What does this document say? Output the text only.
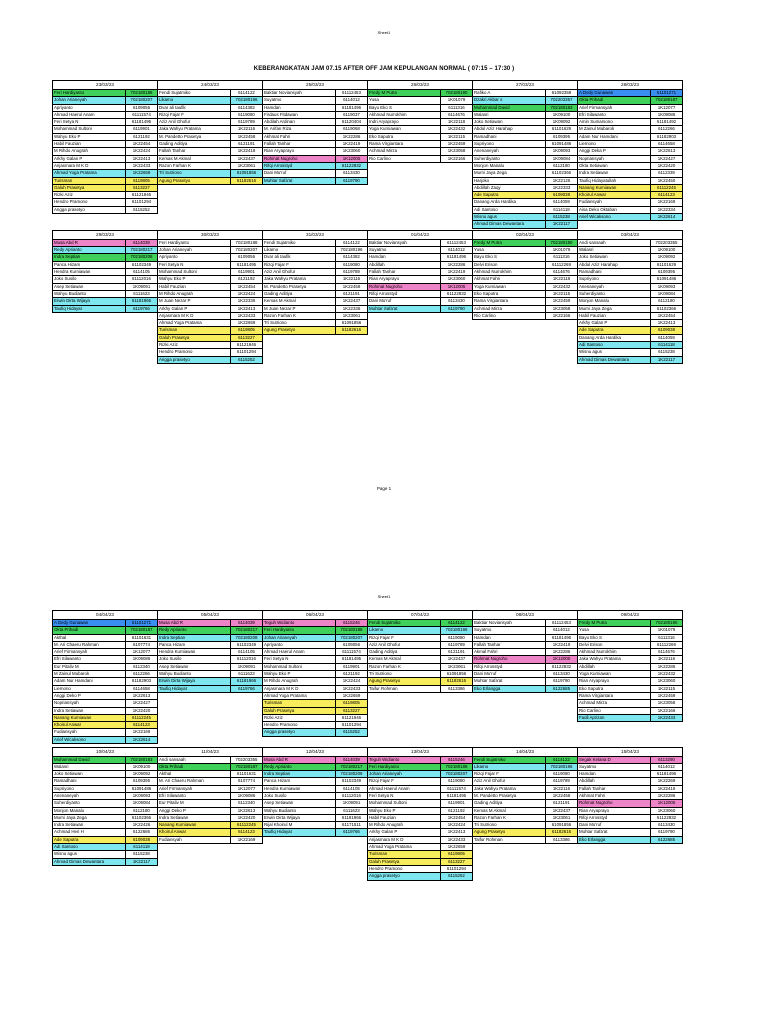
Sheet1
KEBERANGKATAN JAM 07.15 AFTER OFF JAM KEPULANGAN NORMAL ( 07:15 – 17:30 )
Page 1
23/03/23
Feri Hardiyanto	702180188
Johan Arianeyah	702180207
Apriyanto	6109056
Ahmad Haerul Anam	61111574
Feri Setya N	61181495
Mohammad Sultoni	6119901
Wahyu Eko P	6121192
Habil Fauzian	1K22454
M Rihdo Anugrah	1K22424
Arkhy Galan P	1K22413
Anjasmara M K D	1K22433
Ahmad Yoga Pratama	1K22659
Turisman	6119805
Galuh Prasetya	6113227
Rizki Aziz	61121946
Hendro Pramono	61101294
Angga prasetyo	6115252
24/03/23
Fendi Sujatmiko	6114122
Likamo	702180196
Dvar ali taufik	6114382
Rizqi Fajar F	6119080
Aziz Anil Ghofur	6119789
Jaka Wahyu Pratama	1K22116
M. Pandetto Prasetya	1K22458
Gading Aditiya	6121191
Fallah Tanhar	1K22418
Kemas M Akmal	1K22437
Razon Farhan K	1K23061
Tri Sutriono	61091856
Agung Prasetyo	61182616
25/03/23
Baktiar Noviansyah	61112453
Suyatmo	6114012
Hamdan	61181496
Firdaus Fitdawan	6119037
Abdilah Ardinan	61120404
M. Arifan Riza	6119068
Akhmat Fahri	1K22286
Fallah Tanhar	1K22419
Rian Aryaprayo	1K23060
Rohmat Nugroho	1K12005
Rifqi Arrosstyd	61122832
Dani Mu'ruf	6113430
Muhtar Safa'at	6119790
26/03/23
Fredy M Putra	702180190
Yusa	1K01079
Bayu Eko S	6111316
Akhmad Nurrokhim	6114676
Indri Aryaprayo	1K22118
Yoga Kurniawan	1K22432
Eko Saputra	1K22115
Rama Virgiantara	1K22459
Achmad Mirza	1K23058
Rio Carlino	1K22166
27/03/23
Rafiko A	61092359
Dzakri Akbar s	702203357
Muhammad David	702180183
Walasri	1K09100
Joko Setiawan	1K09092
Abdul Aziz Harahap	61101629
Ramadhani	6109395
Supriyono	61091486
Anenaneyah	1K09093
Suherdiyanto	1K09084
Monjon Manalu	6112180
Murni Jaya Zega	61102366
Harjoko	1K22126
Abdillah Zaqy	1K22333
Ade Saputra	6109038
Danang Arda Hardika	6114059
Adi Santoso	6114118
Wisnu agus	6115238
Ahmad Dimas Dewantara	1K22117
28/03/23
A Dedy Gunawan	61101271
Okta Prihadi	702180187
Arief Firmansyah	1K12077
Efri Silawanto	1K09086
Amin Sumarsono	61181492
M Zainul Mubarok	6112266
Adam Nur Hamdani	61182903
Liemono	6114658
Anggi Deka P	1K22613
Nopriansyah	1K22427
Okta Setiawan	1K22420
Indra Setiawan	6112339
Taufiq Hidayatullah	1K22450
Nanang Kurniawan	61112245
Khoirul Anwar	6114123
Fudiansyah	1K22169
Aisa Deko Oktaban	1K22334
Arief Wicaksono	1K22614
29/03/23
Musa Abd R	6114039
Redy Aprianto	702180217
Indra Septian	702180208
Panca Hizam	61102349
Hendra Kurniawan	6114105
Joko Susilo	61112016
Asep Setiawan	1K09091
Wahyu Budianto	6111623
Erwin Dirta Wijaya	61181966
Taufiq Hidayat	6119766
30/03/23
Feri Hardiyanto	702180188
Johan Arianeyah	702180207
Apriyanto	6109056
Feri Setya N	61181495
Mohammad Sultoni	6119901
Wahyu Eko P	6121192
Habil Fauzian	1K22454
M Rihdo Anugrah	1K22424
M Juan Nezar P	1K22336
Arkhy Galan P	1K22413
Anjasmara M K D	1K22433
Ahmad Yoga Pratama	1K22659
Turisman	6119805
Galuh Prasetya	6113227
Rizki Aziz	61121946
Hendro Pramono	61101294
Angga prasetyo	6115252
31/03/23
Fendi Sujatmiko	6114122
Likamo	702180196
Dvar ali taufik	6114382
Rizqi Fajar F	6119080
Aziz Anil Ghofur	6119789
Jaka Wahyu Pratama	1K22116
M. Pandetto Prasetya	1K22458
Gading Aditiya	6121191
Kemas M Akmal	1K22437
M Juan Nezar P	1K22336
Razon Farhan K	1K23061
Tri Sutriono	61091856
Agung Prasetyo	61182616
01/04/23
Baktiar Noviansyah	61112453
Suyatmo	6114012
Hamdan	61181496
Abdillah	1K22286
Fallah Tanhar	1K22419
Rian Aryaprayo	1K23060
Rohmat Nugroho	1K12005
Rifqi Arrosstyd	61122832
Dani Mu'ruf	6113430
Muhtar Safa'at	6119790
02/04/23
Fredy M Putra	702180190
Yusa	1K01079
Bayu Eko S	6111316
Delvi Erison	61112269
Akhmad Nurrokhim	6114676
Akhmat Fahri	1K22118
Yoga Kurniawan	1K22432
Eko Saputra	1K22115
Rama Virgiantara	1K22459
Achmad Mirza	1K23058
Rio Carlino	1K22166
03/04/23
Andi sansaah	702203355
Walasri	1K09100
Joko Setiawan	1K09092
Abdul Aziz Harahap	61101629
Ramadhani	6109395
Supriyono	61091486
Anenaneyah	1K09093
Suherdiyanto	1K09084
Monjon Manalu	6112180
Murni Jaya Zega	61102366
Habil Fauzian	1K22454
Arkhy Galan P	1K22413
Ade Saputra	6109038
Danang Arda Hardika	6114059
Adi Santoso	6114118
Wisnu agus	6115238
Ahmad Dimas Dewantara	1K22117
Sheet1
04/04/23
A Dedy Gunawan	61101271
Okta Prihadi	702180187
Akthal	61101631
M. Ari Chaeru Rahman	6107774
Arief Firmansyah	1K12077
Efri Silawanto	1K09086
Eur Pitaliv M	6112340
M Zainul Mubarok	6112266
Adam Nur Hamdani	61182903
Liemono	6114658
Anggi Deko P	1K22613
Nopriansyah	1K22427
Indra Setiawan	1K22420
Nanang Kurniawan	61112245
Khoirul Anwar	6114123
Fudiansyah	1K22169
Arief Wicaksono	1K22614
05/04/23
Musa Abd R	6114039
Redy Aprianto	702180217
Indra Septian	702180208
Panca Hizam	61102349
Hendra Kurniawan	6114105
Joko Susilo	61112016
Asep Setiawan	1K09091
Wahyu Budianto	6111623
Erwin Dirta Wijaya	61181966
Taufiq Hidayat	6119766
06/04/23
Teguh Widianto	6115246
Feri Hardiyanto	702180188
Johan Arianeyah	702180207
Apriyanto	6109056
Ahmad Haerul Anam	61111574
Feri Setya N	61181495
Mohammad Sultoni	6119901
Wahyu Eko P	6121192
M Rihdo Anugrah	1K22424
Anjasmara M K D	1K22433
Ahmad Yoga Pratama	1K22659
Turisman	6119805
Galuh Prasetya	6113227
Rizki Aziz	61121946
Hendro Pramono	61101294
Angga prasetyo	6115252
07/04/23
Fendi Sujatmiko	6114122
Likamo	702180196
Rizqi Fajar F	6119080
Aziz Anil Ghofur	6119789
Gading Aditiya	6121191
Kemas M Akmal	1K22437
Razon Farhan K	1K23061
Tri Sutriono	61091856
Agung Prasetyo	61182616
Taifur Rohman	6113386
08/04/23
Baktiar Noviansyah	61112453
Suyatmo	6114012
Hamdan	61181496
Fallah Tanhar	1K22419
Akmal Fahri	1K22286
Rohmat Nugroho	1K12005
Rifqi Arrosstyd	61122832
Dani Mu'ruf	6113430
Muhtar Safa'at	6119790
Eko Erlangga	6122685
09/04/23
Fredy M Putra	702180190
Yusa	1K01079
Bayu Eko S	6111316
Delvi Erison	61112269
Akhmad Nurrokhim	6114676
Jaka Wahyu Pratama	1K22116
Abdillah	1K22286
Yoga Kurniawan	1K22432
Rian Aryaprayo	1K23060
Eko Saputra	1K22115
Rama Virgiantara	1K22459
Achmad Mirza	1K23058
Rio Carlino	1K22166
Fadil Aprizan	1K22433
10/04/23
Muhammad David	702180183
Walasri	1K09100
Joko Setiawan	1K09092
Ramadhani	6109395
Supriyono	61091486
Anenaneyah	1K09093
Suherdiyanto	1K09084
Monjon Manalu	6112180
Murni Jaya Zega	61102366
Indra Setiawan	1K22426
Achmad Heri H	6122686
Ade Saputra	6109038
Adi Santoso	6114118
Wisnu agus	6115238
Ahmad Dimas Dewantara	1K22117
11/04/23
Andi sansaah	702203355
Okta Prihadi	702180187
Akthal	61101631
M. Ari Chaeru Rahman	6107774
Arief Firmansyah	1K12077
Efri Silawanto	1K09086
Eur Pitaliv M	6112340
Anggi Deko P	1K22613
Indra Setiawan	1K22420
Nanang Kurniawan	61112245
Khoirul Anwar	6114123
Fudiansyah	1K22169
12/04/23
Musa Abd R	6114039
Redy Aprianto	702180217
Indra Septian	702180208
Panca Hizam	61102349
Hendra Kurniawan	6114105
Joko Susilo	61112016
Asep Setiawan	1K09091
Wahyu Budianto	6111623
Erwin Dirta Wijaya	61181966
Rijal Khoirul M	61171511
Taufiq Hidayat	6119766
13/04/23
Teguh Widianto	6115246
Feri Hardiyanto	702180188
Johan Arianeyah	702180207
Rizqi Fajar F	6119080
Ahmad Haerul Anam	61111574
Feri Setya N	61181495
Mohammad Sultoni	6119901
Wahyu Eko P	6121192
Habil Fauzian	1K22454
M Rihdo Anugrah	1K22424
Arkhy Galan P	1K22413
Anjasmara M K D	1K22433
Ahmad Yoga Pratama	1K22659
Turisman	6119805
Galuh Prasetya	6113227
Hendro Pramono	61101294
Angga prasetyo	6115252
14/04/23
Fendi Sujatmiko	6114122
Likamo	702180196
Rizqi Fajar F	6119080
Aziz Anil Ghofur	6119789
Jaka Wahyu Pratama	1K22116
M. Pandetto Prasetya	1K22458
Gading Aditiya	6121191
Kemas M Akmal	1K22437
Razon Farhan K	1K23061
Tri Sutriono	61091856
Agung Prasetyo	61182616
Taifur Rohman	6113386
15/04/23
Segak Kelana D	6113290
Suyatmo	6114012
Hamdan	61181496
Abdillah	1K22269
Fallah Tanhar	1K22419
Akhmat Fahri	1K22286
Rohmat Nugroho	1K12005
Rian Aryaprayo	1K23060
Rifqi Arrosstyd	61122832
Dani Mu'ruf	6113430
Muhtar Safa'at	6119790
Eko Erlangga	6122685
